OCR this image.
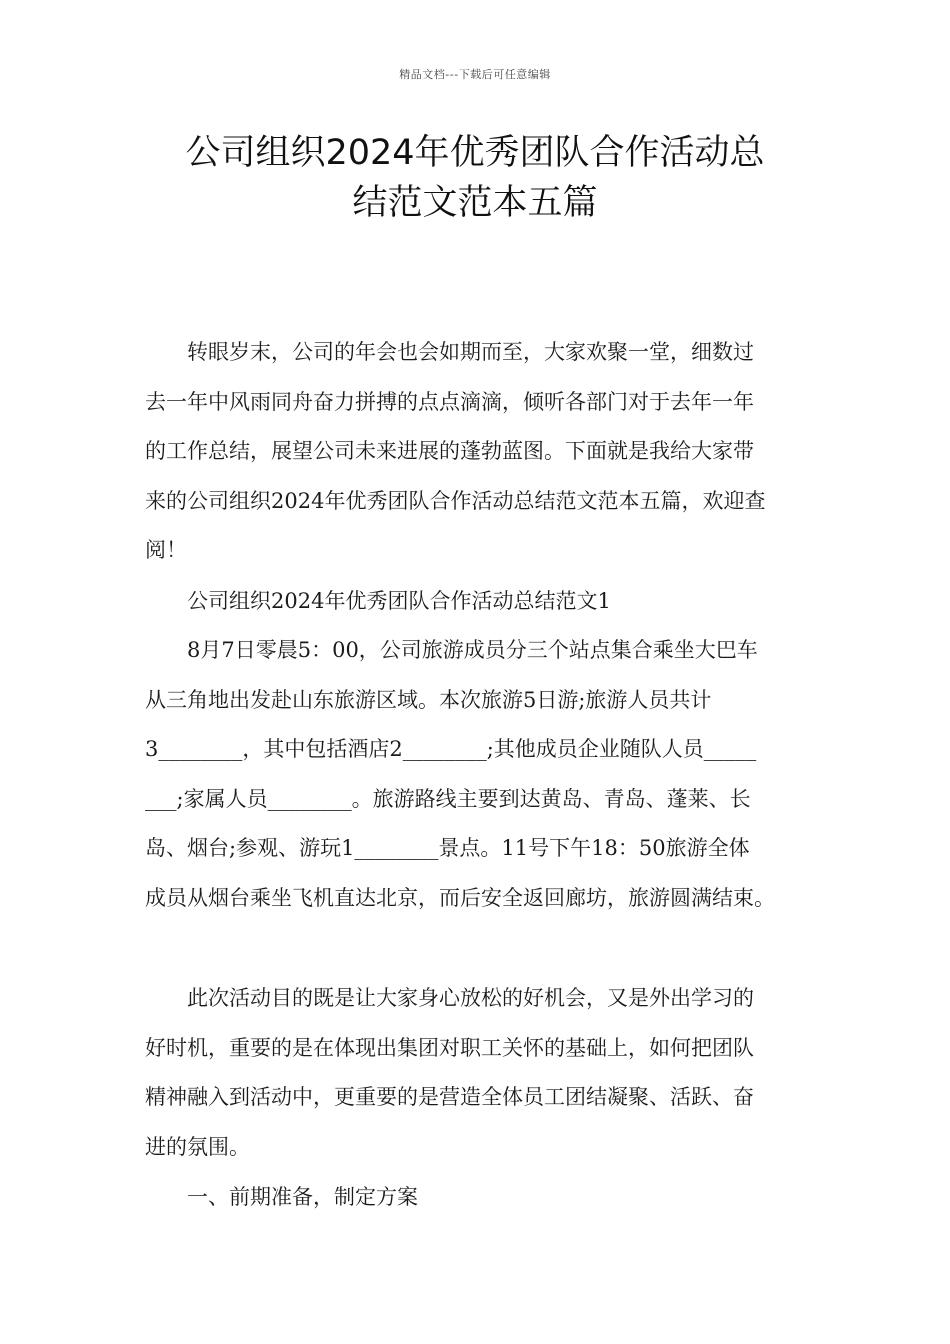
精品文档---下载后可任意编辑
公司组织2024年优秀团队合作活动总
结范文范本五篇
转眼岁末，公司的年会也会如期而至，大家欢聚一堂，细数过
去一年中风雨同舟奋力拼搏的点点滴滴，倾听各部门对于去年一年
的工作总结，展望公司未来进展的蓬勃蓝图。下面就是我给大家带
来的公司组织2024年优秀团队合作活动总结范文范本五篇，欢迎查
阅！
公司组织2024年优秀团队合作活动总结范文1
8月7日零晨5：00，公司旅游成员分三个站点集合乘坐大巴车
从三角地出发赴山东旅游区域。本次旅游5日游;旅游人员共计
3________，其中包括酒店2________;其他成员企业随队人员_____
___;家属人员________。旅游路线主要到达黄岛、青岛、蓬莱、长
岛、烟台;参观、游玩1________景点。11号下午18：50旅游全体
成员从烟台乘坐飞机直达北京，而后安全返回廊坊，旅游圆满结束。
此次活动目的既是让大家身心放松的好机会，又是外出学习的
好时机，重要的是在体现出集团对职工关怀的基础上，如何把团队
精神融入到活动中，更重要的是营造全体员工团结凝聚、活跃、奋
进的氛围。
一、前期准备，制定方案
